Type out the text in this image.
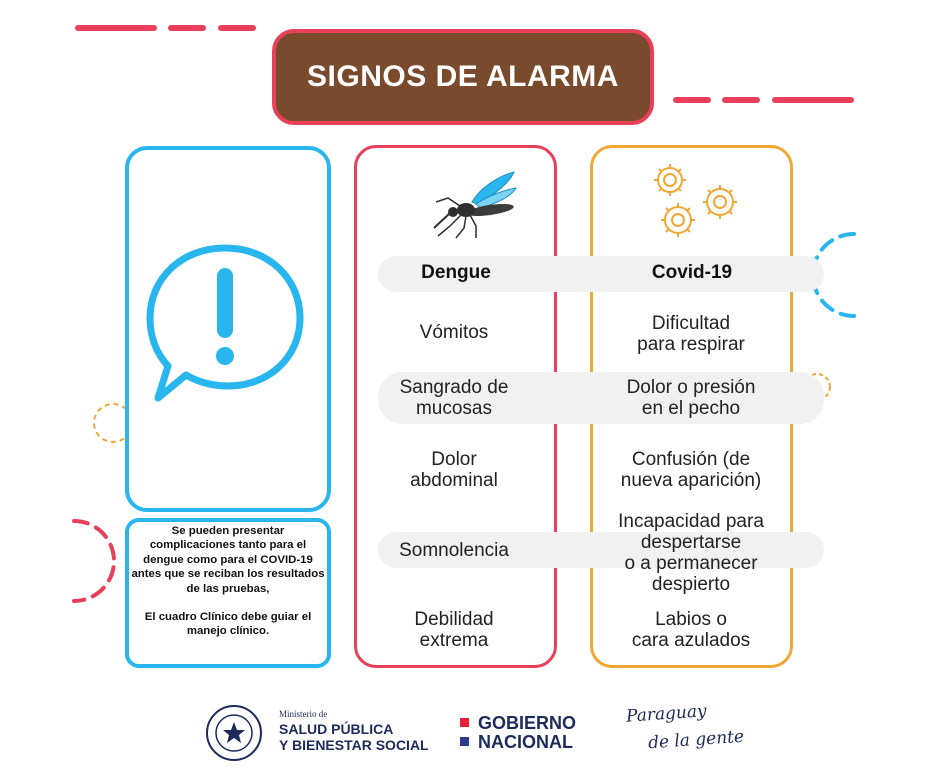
SIGNOS DE ALARMA

Se pueden presentar complicaciones tanto para el dengue como para el COVID-19 antes que se reciban los resultados de las pruebas,

El cuadro Clínico debe guiar el manejo clínico.

Dengue	Covid-19
Vómitos
Sangrado de
mucosas
Dolor
abdominal
Somnolencia
Debilidad
extrema
Dificultad
para respirar
Dolor o presión
en el pecho
Confusión (de
nueva aparición)
Incapacidad para
despertarse
o a permanecer
despierto
Labios o
cara azulados
Ministerio de
SALUD PÚBLICA
Y BIENESTAR SOCIAL
GOBIERNO
NACIONAL
Paraguay
de la gente
